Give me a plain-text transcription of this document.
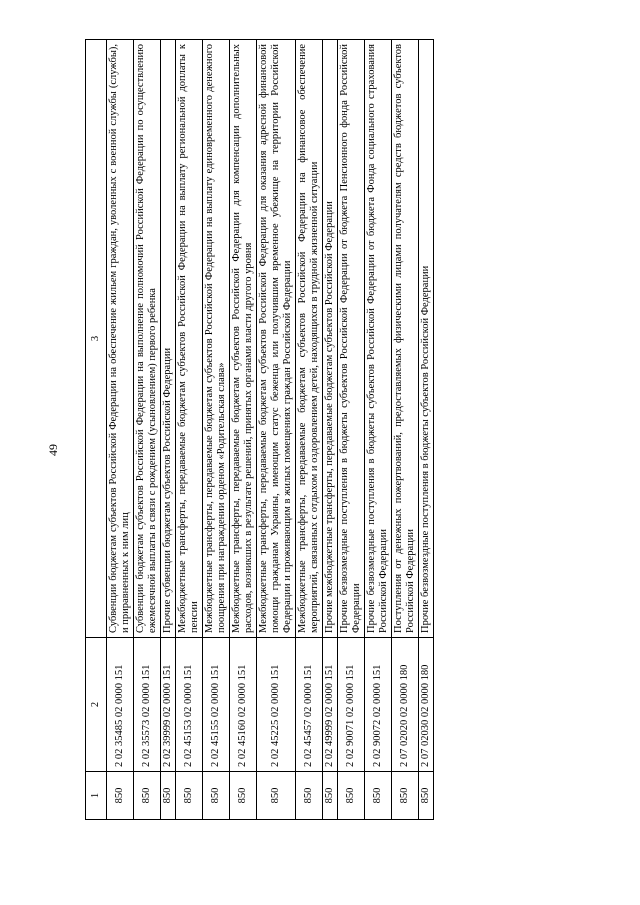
49
1	2	3
850	2 02 35485 02 0000 151	Субвенции бюджетам субъектов Российской Федерации на обеспечение жильем граждан, уволенных с военной службы (службы), и приравненных к ним лиц
850	2 02 35573 02 0000 151	Субвенции бюджетам субъектов Российской Федерации на выполнение полномочий Российской Федерации по осуществлению ежемесячной выплаты в связи с рождением (усыновлением) первого ребенка
850	2 02 39999 02 0000 151	Прочие субвенции бюджетам субъектов Российской Федерации
850	2 02 45153 02 0000 151	Межбюджетные трансферты, передаваемые бюджетам субъектов Российской Федерации на выплату региональной доплаты к пенсии
850	2 02 45155 02 0000 151	Межбюджетные трансферты, передаваемые бюджетам субъектов Российской Федерации на выплату единовременного денежного поощрения при награждении орденом «Родительская слава»
850	2 02 45160 02 0000 151	Межбюджетные трансферты, передаваемые бюджетам субъектов Российской Федерации для компенсации дополнительных расходов, возникших в результате решений, принятых органами власти другого уровня
850	2 02 45225 02 0000 151	Межбюджетные трансферты, передаваемые бюджетам субъектов Российской Федерации для оказания адресной финансовой помощи гражданам Украины, имеющим статус беженца или получившим временное убежище на территории Российской Федерации и проживающим в жилых помещениях граждан Российской Федерации
850	2 02 45457 02 0000 151	Межбюджетные трансферты, передаваемые бюджетам субъектов Российской Федерации на финансовое обеспечение мероприятий, связанных с отдыхом и оздоровлением детей, находящихся в трудной жизненной ситуации
850	2 02 49999 02 0000 151	Прочие межбюджетные трансферты, передаваемые бюджетам субъектов Российской Федерации
850	2 02 90071 02 0000 151	Прочие безвозмездные поступления в бюджеты субъектов Российской Федерации от бюджета Пенсионного фонда Российской Федерации
850	2 02 90072 02 0000 151	Прочие безвозмездные поступления в бюджеты субъектов Российской Федерации от бюджета Фонда социального страхования Российской Федерации
850	2 07 02020 02 0000 180	Поступления от денежных пожертвований, предоставляемых физическими лицами получателям средств бюджетов субъектов Российской Федерации
850	2 07 02030 02 0000 180	Прочие безвозмездные поступления в бюджеты субъектов Российской Федерации
